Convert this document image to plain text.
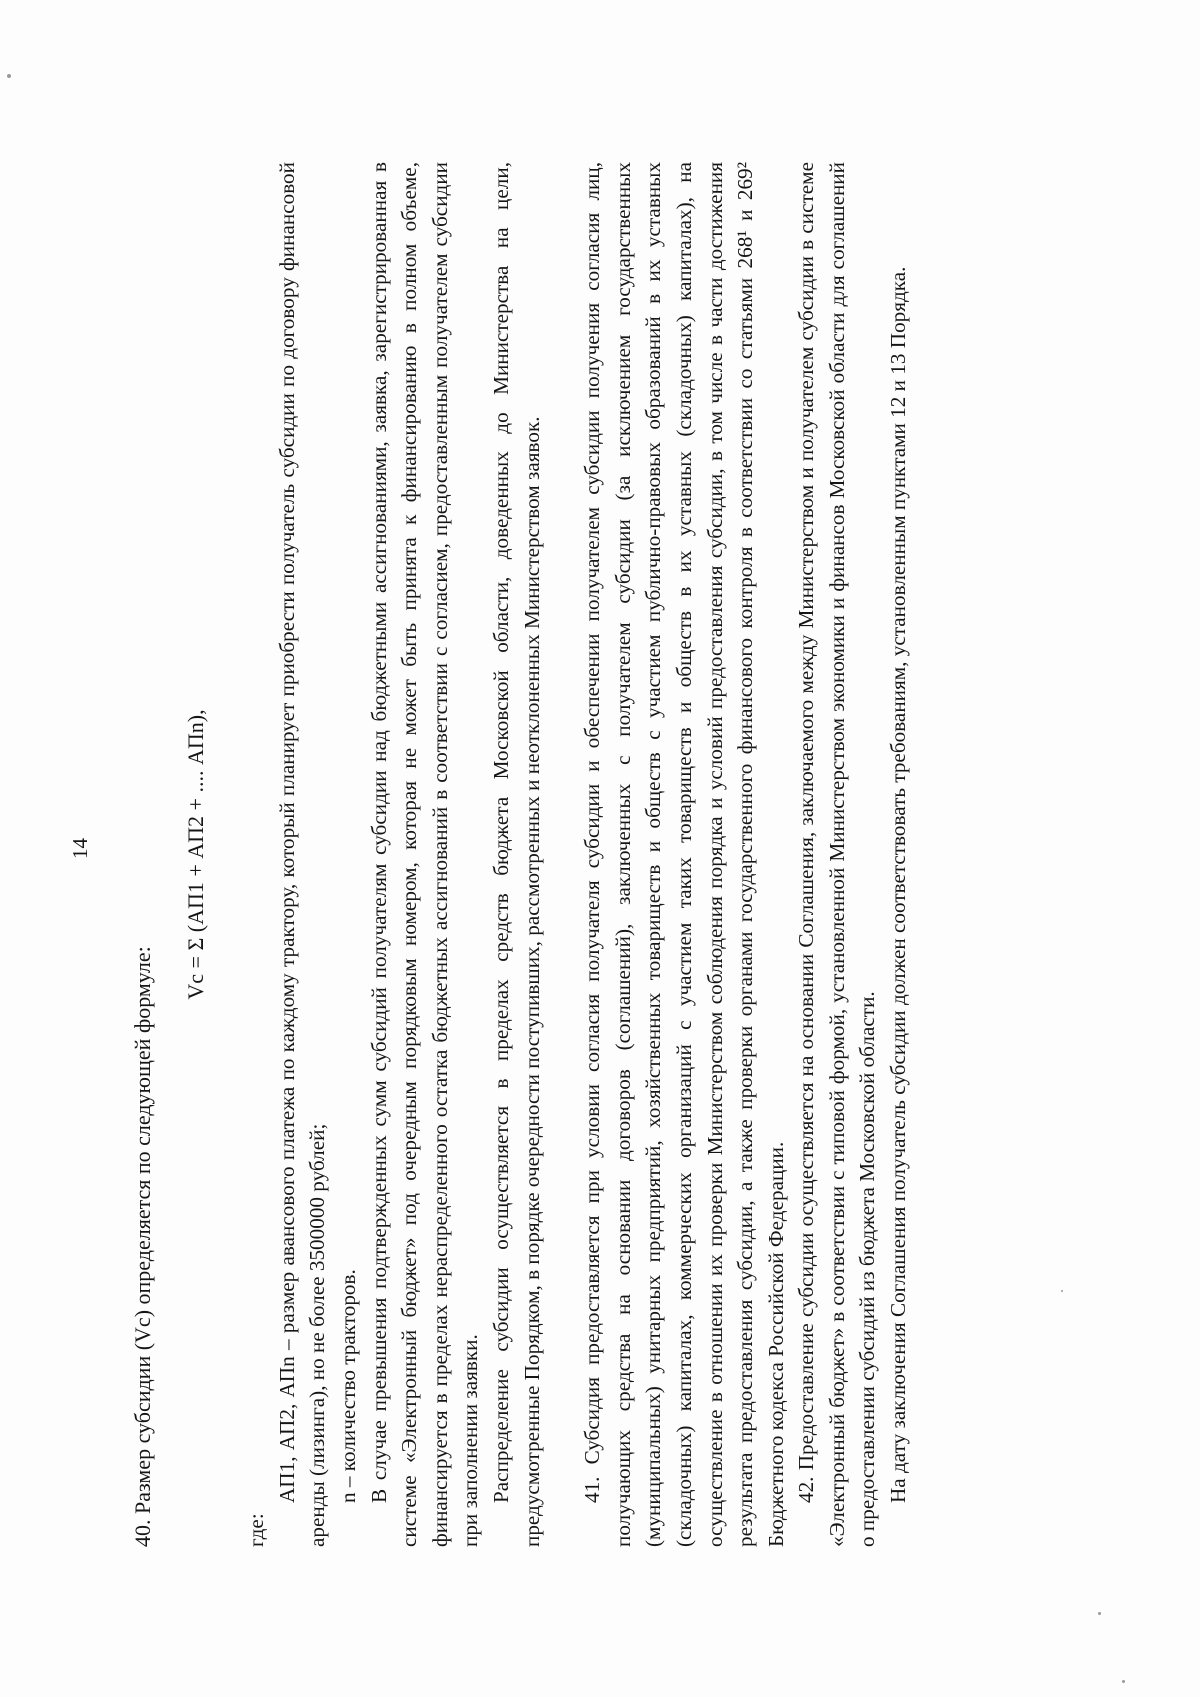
14

40. Размер субсидии (Vс) определяется по следующей формуле:

Vс = Σ (АП1 + АП2 + .... АПn),

где:

АП1, АП2, АПn – размер авансового платежа по каждому трактору, который планирует приобрести получатель субсидии по договору финансовой аренды (лизинга), но не более 3500000 рублей; n – количество тракторов. В случае превышения подтвержденных сумм субсидий получателям субсидии над бюджетными ассигнованиями, заявка, зарегистрированная в системе «Электронный бюджет» под очередным порядковым номером, которая не может быть принята к финансированию в полном объеме, финансируется в пределах нераспределенного остатка бюджетных ассигнований в соответствии с согласием, предоставленным получателем субсидии при заполнении заявки. Распределение субсидии осуществляется в пределах средств бюджета Московской области, доведенных до Министерства на цели, предусмотренные Порядком, в порядке очередности поступивших, рассмотренных и неотклоненных Министерством заявок. 41. Субсидия предоставляется при условии согласия получателя субсидии и обеспечении получателем субсидии получения согласия лиц, получающих средства на основании договоров (соглашений), заключенных с получателем субсидии (за исключением государственных (муниципальных) унитарных предприятий, хозяйственных товариществ и обществ с участием публично-правовых образований в их уставных (складочных) капиталах, коммерческих организаций с участием таких товариществ и обществ в их уставных (складочных) капиталах), на осуществление в отношении их проверки Министерством соблюдения порядка и условий предоставления субсидии, в том числе в части достижения результата предоставления субсидии, а также проверки органами государственного финансового контроля в соответствии со статьями 268¹ и 269² Бюджетного кодекса Российской Федерации. 42. Предоставление субсидии осуществляется на основании Соглашения, заключаемого между Министерством и получателем субсидии в системе «Электронный бюджет» в соответствии с типовой формой, установленной Министерством экономики и финансов Московской области для соглашений о предоставлении субсидий из бюджета Московской области. На дату заключения Соглашения получатель субсидии должен соответствовать требованиям, установленным пунктами 12 и 13 Порядка.
